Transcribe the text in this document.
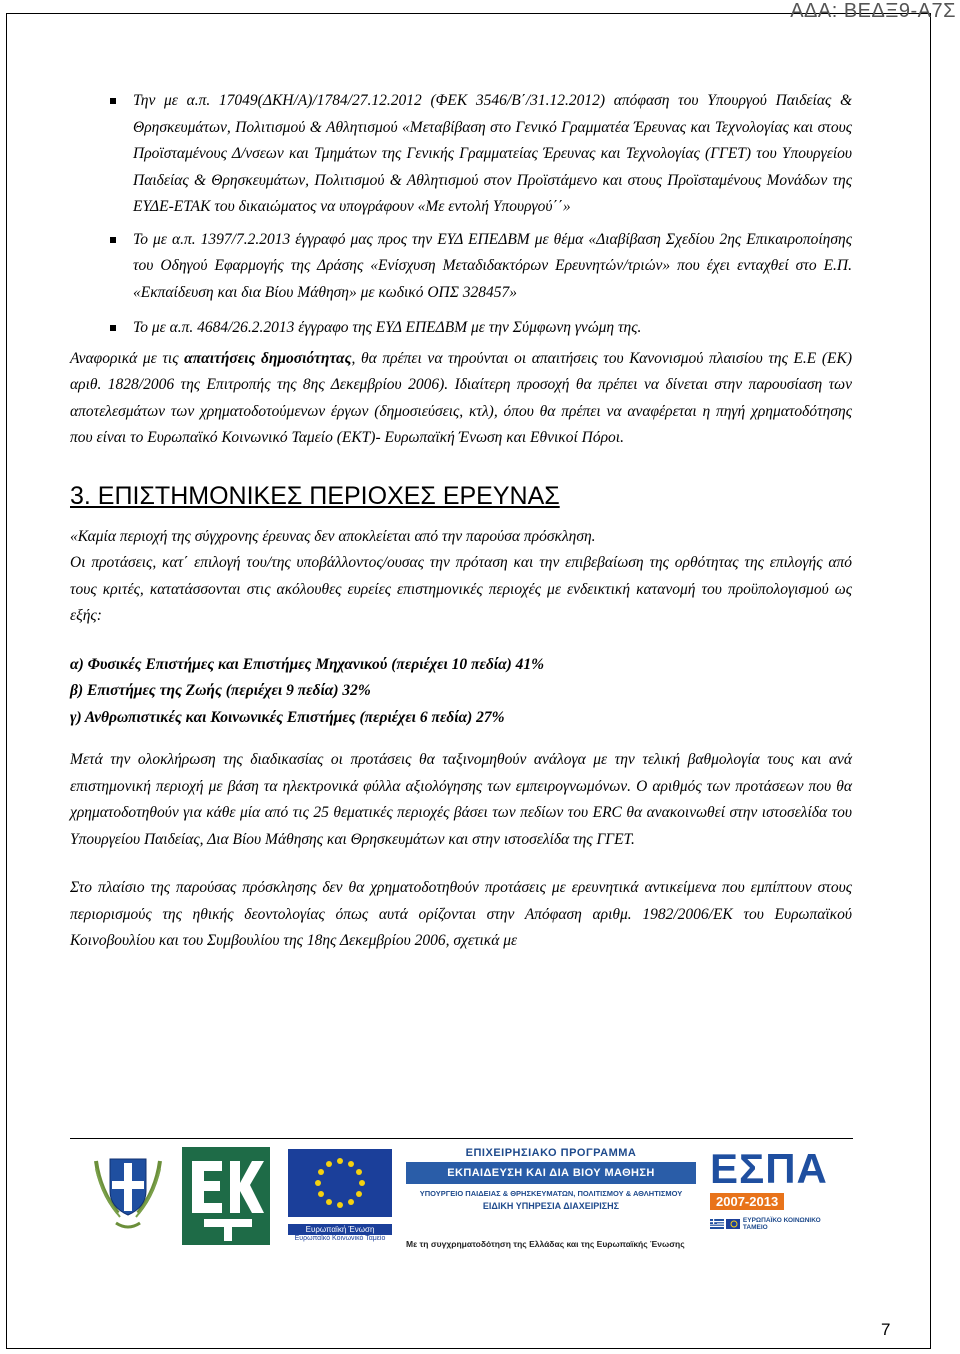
ΑΔΑ: ΒΕΔΞ9-Α7Σ

Την με α.π. 17049(ΔΚΗ/Α)/1784/27.12.2012 (ΦΕΚ 3546/Β΄/31.12.2012) απόφαση του Υπουργού Παιδείας & Θρησκευμάτων, Πολιτισμού & Αθλητισμού «Μεταβίβαση στο Γενικό Γραμματέα Έρευνας και Τεχνολογίας και στους Προϊσταμένους Δ/νσεων και Τμημάτων της Γενικής Γραμματείας Έρευνας και Τεχνολογίας (ΓΓΕΤ) του Υπουργείου Παιδείας & Θρησκευμάτων, Πολιτισμού & Αθλητισμού στον Προϊστάμενο και στους Προϊσταμένους Μονάδων της ΕΥΔΕ-ΕΤΑΚ του δικαιώματος να υπογράφουν «Με εντολή Υπουργού΄΄»

Το με α.π. 1397/7.2.2013 έγγραφό μας προς την ΕΥΔ ΕΠΕΔΒΜ με θέμα «Διαβίβαση Σχεδίου 2ης Επικαιροποίησης του Οδηγού Εφαρμογής της Δράσης «Ενίσχυση Μεταδιδακτόρων Ερευνητών/τριών» που έχει ενταχθεί στο Ε.Π. «Εκπαίδευση και δια Βίου Μάθηση» με κωδικό ΟΠΣ 328457»

Το με α.π. 4684/26.2.2013 έγγραφο της ΕΥΔ ΕΠΕΔΒΜ με την Σύμφωνη γνώμη της.

Αναφορικά με τις απαιτήσεις δημοσιότητας, θα πρέπει να τηρούνται οι απαιτήσεις του Κανονισμού πλαισίου της Ε.Ε (ΕΚ) αριθ. 1828/2006 της Επιτροπής της 8ης Δεκεμβρίου 2006). Ιδιαίτερη προσοχή θα πρέπει να δίνεται στην παρουσίαση των αποτελεσμάτων των χρηματοδοτούμενων έργων (δημοσιεύσεις, κτλ), όπου θα πρέπει να αναφέρεται η πηγή χρηματοδότησης που είναι το Ευρωπαϊκό Κοινωνικό Ταμείο (ΕΚΤ)- Ευρωπαϊκή Ένωση και Εθνικοί Πόροι.

3. ΕΠΙΣΤΗΜΟΝΙΚΕΣ ΠΕΡΙΟΧΕΣ ΕΡΕΥΝΑΣ

«Καμία περιοχή της σύγχρονης έρευνας δεν αποκλείεται από την παρούσα πρόσκληση.

Οι προτάσεις, κατ΄ επιλογή του/της υποβάλλοντος/ουσας την πρόταση και την επιβεβαίωση της ορθότητας της επιλογής από τους κριτές, κατατάσσονται στις ακόλουθες ευρείες επιστημονικές περιοχές με ενδεικτική κατανομή του προϋπολογισμού ως εξής:

α) Φυσικές Επιστήμες και Επιστήμες Μηχανικού (περιέχει 10 πεδία) 41%

β) Επιστήμες της Ζωής (περιέχει 9 πεδία) 32%

γ) Ανθρωπιστικές και Κοινωνικές Επιστήμες (περιέχει 6 πεδία) 27%

Μετά την ολοκλήρωση της διαδικασίας οι προτάσεις θα ταξινομηθούν ανάλογα με την τελική βαθμολογία τους και ανά επιστημονική περιοχή με βάση τα ηλεκτρονικά φύλλα αξιολόγησης των εμπειρογνωμόνων. Ο αριθμός των προτάσεων που θα χρηματοδοτηθούν για κάθε μία από τις 25 θεματικές περιοχές βάσει των πεδίων του ERC θα ανακοινωθεί στην ιστοσελίδα του Υπουργείου Παιδείας, Δια Βίου Μάθησης και Θρησκευμάτων και στην ιστοσελίδα της ΓΓΕΤ.

Στο πλαίσιο της παρούσας πρόσκλησης δεν θα χρηματοδοτηθούν προτάσεις με ερευνητικά αντικείμενα που εμπίπτουν στους περιορισμούς της ηθικής δεοντολογίας όπως αυτά ορίζονται στην Απόφαση αριθμ. 1982/2006/ΕΚ του Ευρωπαϊκού Κοινοβουλίου και του Συμβουλίου της 18ης Δεκεμβρίου 2006, σχετικά με

Ευρωπαϊκή Ένωση
Ευρωπαϊκό Κοινωνικό Ταμείο
ΕΠΙΧΕΙΡΗΣΙΑΚΟ ΠΡΟΓΡΑΜΜΑ
ΕΚΠΑΙΔΕΥΣΗ ΚΑΙ ΔΙΑ ΒΙΟΥ ΜΑΘΗΣΗ
ΥΠΟΥΡΓΕΙΟ ΠΑΙΔΕΙΑΣ & ΘΡΗΣΚΕΥΜΑΤΩΝ, ΠΟΛΙΤΙΣΜΟΥ & ΑΘΛΗΤΙΣΜΟΥ
ΕΙΔΙΚΗ ΥΠΗΡΕΣΙΑ ΔΙΑΧΕΙΡΙΣΗΣ
ΕΣΠΑ
2007-2013
ΕΥΡΩΠΑΪΚΟ ΚΟΙΝΩΝΙΚΟ ΤΑΜΕΙΟ
Με τη συγχρηματοδότηση της Ελλάδας και της Ευρωπαϊκής Ένωσης
7
